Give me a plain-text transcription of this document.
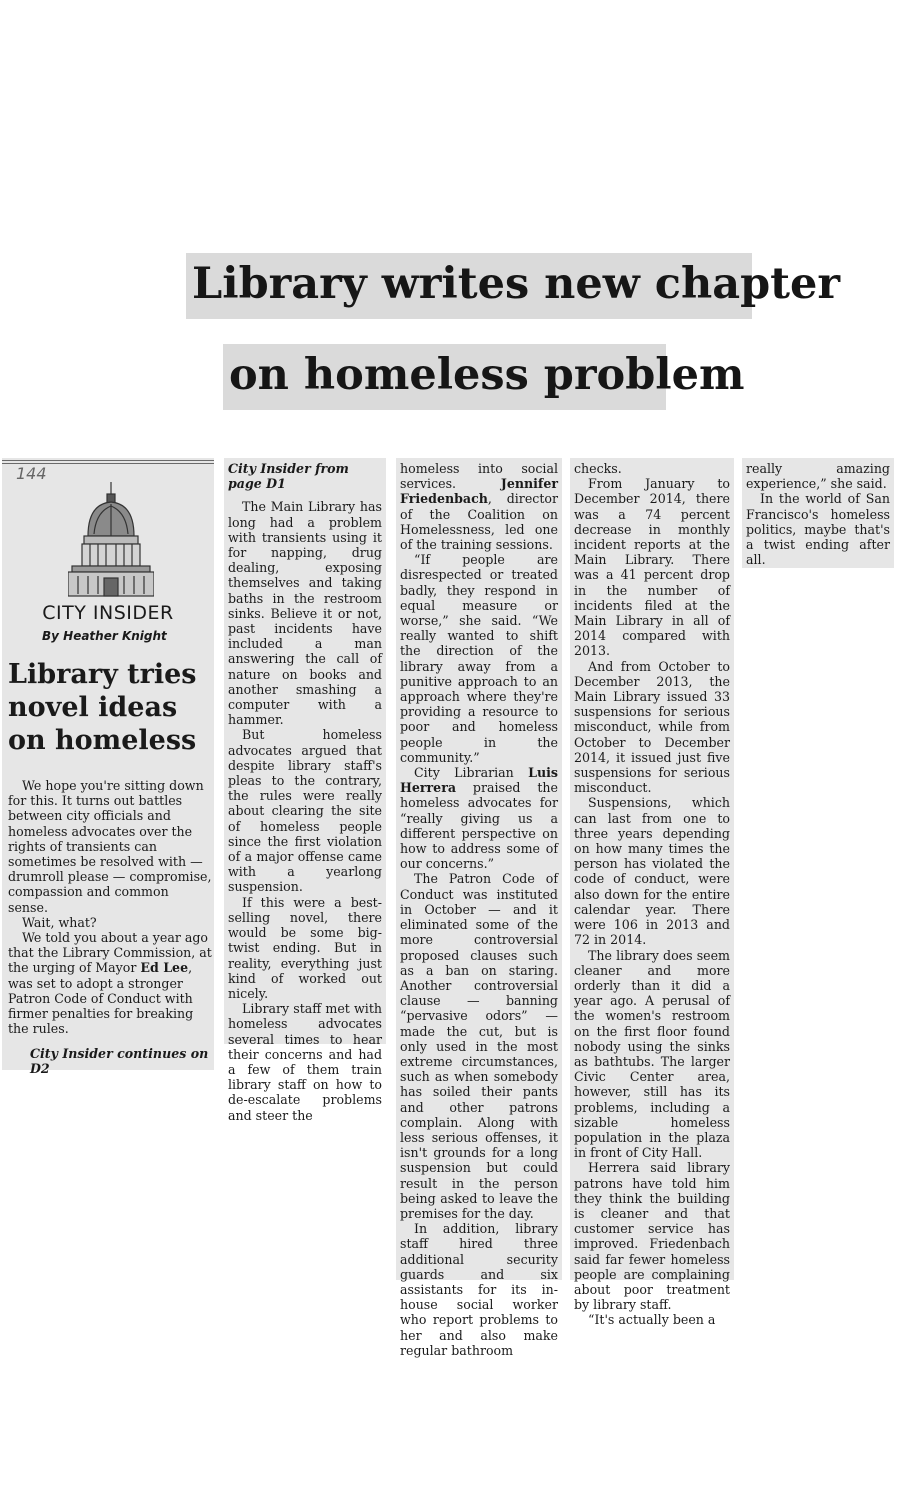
Library writes new chapter
on homeless problem
144
CITY INSIDER
By Heather Knight
Library tries
novel ideas
on homeless

We hope you're sitting down for this. It turns out battles between city officials and homeless advocates over the rights of transients can sometimes be resolved with — drumroll please — compromise, compassion and common sense.

Wait, what?

We told you about a year ago that the Library Commission, at the urging of Mayor Ed Lee, was set to adopt a stronger Patron Code of Conduct with firmer penalties for breaking the rules.

City Insider continues on D2
City Insider from page D1

The Main Library has long had a problem with transients using it for napping, drug dealing, exposing themselves and taking baths in the restroom sinks. Believe it or not, past incidents have included a man answering the call of nature on books and another smashing a computer with a hammer.

But homeless advocates argued that despite library staff's pleas to the contrary, the rules were really about clearing the site of homeless people since the first violation of a major offense came with a yearlong suspension.

If this were a best-selling novel, there would be some big-twist ending. But in reality, everything just kind of worked out nicely.

Library staff met with homeless advocates several times to hear their concerns and had a few of them train library staff on how to de-escalate problems and steer the

homeless into social services. Jennifer Friedenbach, director of the Coalition on Homelessness, led one of the training sessions.

“If people are disrespected or treated badly, they respond in equal measure or worse,” she said. “We really wanted to shift the direction of the library away from a punitive approach to an approach where they're providing a resource to poor and homeless people in the community.”

City Librarian Luis Herrera praised the homeless advocates for “really giving us a different perspective on how to address some of our concerns.”

The Patron Code of Conduct was instituted in October — and it eliminated some of the more controversial proposed clauses such as a ban on staring. Another controversial clause — banning “pervasive odors” — made the cut, but is only used in the most extreme circumstances, such as when somebody has soiled their pants and other patrons complain. Along with less serious offenses, it isn't grounds for a long suspension but could result in the person being asked to leave the premises for the day.

In addition, library staff hired three additional security guards and six assistants for its in-house social worker who report problems to her and also make regular bathroom

checks.

From January to December 2014, there was a 74 percent decrease in monthly incident reports at the Main Library. There was a 41 percent drop in the number of incidents filed at the Main Library in all of 2014 compared with 2013.

And from October to December 2013, the Main Library issued 33 suspensions for serious misconduct, while from October to December 2014, it issued just five suspensions for serious misconduct.

Suspensions, which can last from one to three years depending on how many times the person has violated the code of conduct, were also down for the entire calendar year. There were 106 in 2013 and 72 in 2014.

The library does seem cleaner and more orderly than it did a year ago. A perusal of the women's restroom on the first floor found nobody using the sinks as bathtubs. The larger Civic Center area, however, still has its problems, including a sizable homeless population in the plaza in front of City Hall.

Herrera said library patrons have told him they think the building is cleaner and that customer service has improved. Friedenbach said far fewer homeless people are complaining about poor treatment by library staff.

“It's actually been a

really amazing experience,” she said.

In the world of San Francisco's homeless politics, maybe that's a twist ending after all.
